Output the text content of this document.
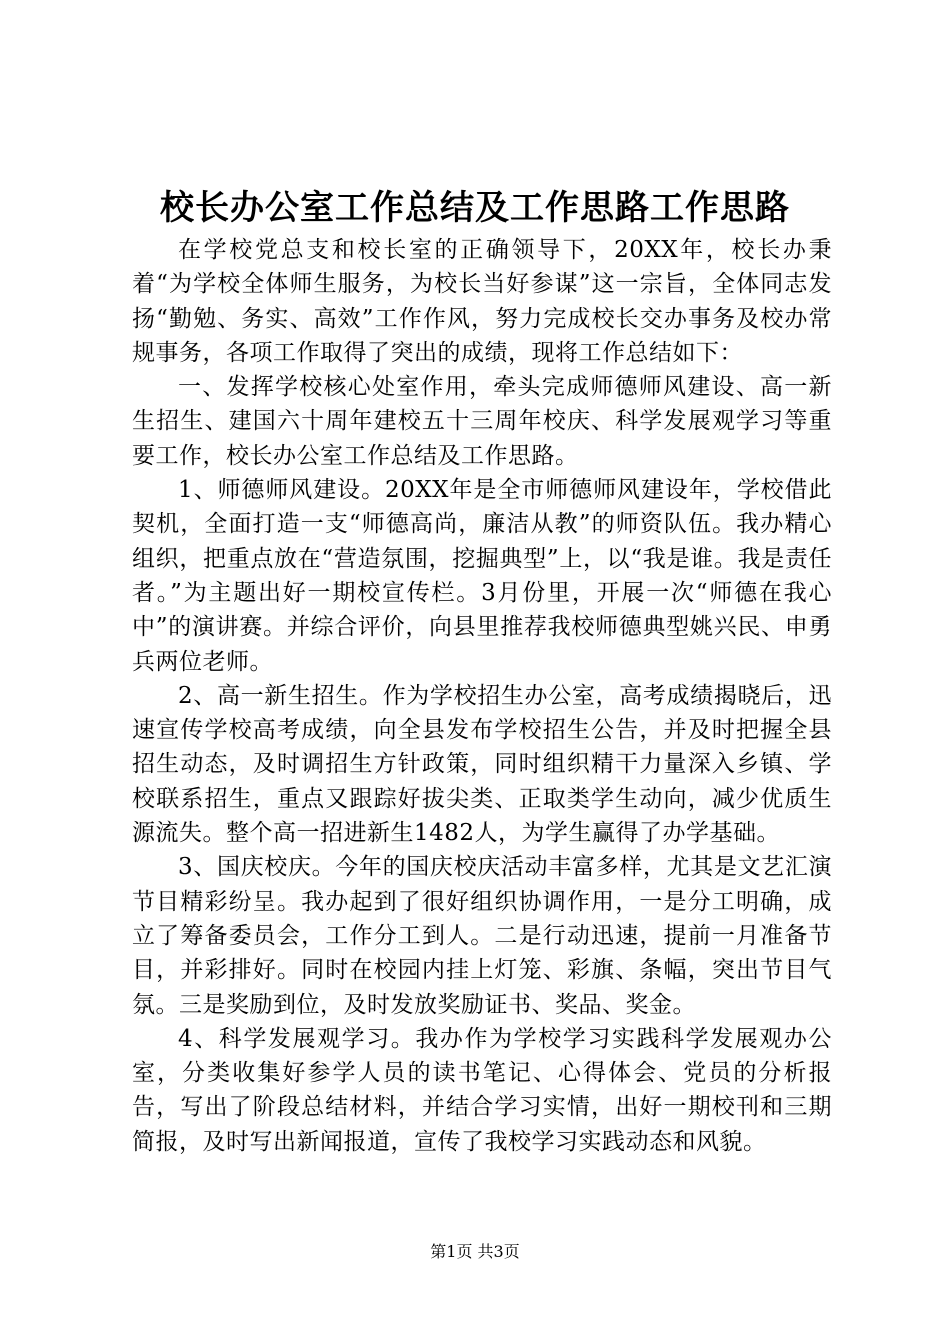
校长办公室工作总结及工作思路工作思路

在学校党总支和校长室的正确领导下，20XX年，校长办秉着“为学校全体师生服务，为校长当好参谋”这一宗旨，全体同志发扬“勤勉、务实、高效”工作作风，努力完成校长交办事务及校办常规事务，各项工作取得了突出的成绩，现将工作总结如下：

一、发挥学校核心处室作用，牵头完成师德师风建设、高一新生招生、建国六十周年建校五十三周年校庆、科学发展观学习等重要工作，校长办公室工作总结及工作思路。

1、师德师风建设。20XX年是全市师德师风建设年，学校借此契机，全面打造一支“师德高尚，廉洁从教”的师资队伍。我办精心组织，把重点放在“营造氛围，挖掘典型”上，以“我是谁。我是责任者。”为主题出好一期校宣传栏。3月份里，开展一次“师德在我心中”的演讲赛。并综合评价，向县里推荐我校师德典型姚兴民、申勇兵两位老师。

2、高一新生招生。作为学校招生办公室，高考成绩揭晓后，迅速宣传学校高考成绩，向全县发布学校招生公告，并及时把握全县招生动态，及时调招生方针政策，同时组织精干力量深入乡镇、学校联系招生，重点又跟踪好拔尖类、正取类学生动向，减少优质生源流失。整个高一招进新生1482人，为学生赢得了办学基础。

3、国庆校庆。今年的国庆校庆活动丰富多样，尤其是文艺汇演节目精彩纷呈。我办起到了很好组织协调作用，一是分工明确，成立了筹备委员会，工作分工到人。二是行动迅速，提前一月准备节目，并彩排好。同时在校园内挂上灯笼、彩旗、条幅，突出节目气氛。三是奖励到位，及时发放奖励证书、奖品、奖金。

4、科学发展观学习。我办作为学校学习实践科学发展观办公室，分类收集好参学人员的读书笔记、心得体会、党员的分析报告，写出了阶段总结材料，并结合学习实情，出好一期校刊和三期简报，及时写出新闻报道，宣传了我校学习实践动态和风貌。

第1页 共3页
